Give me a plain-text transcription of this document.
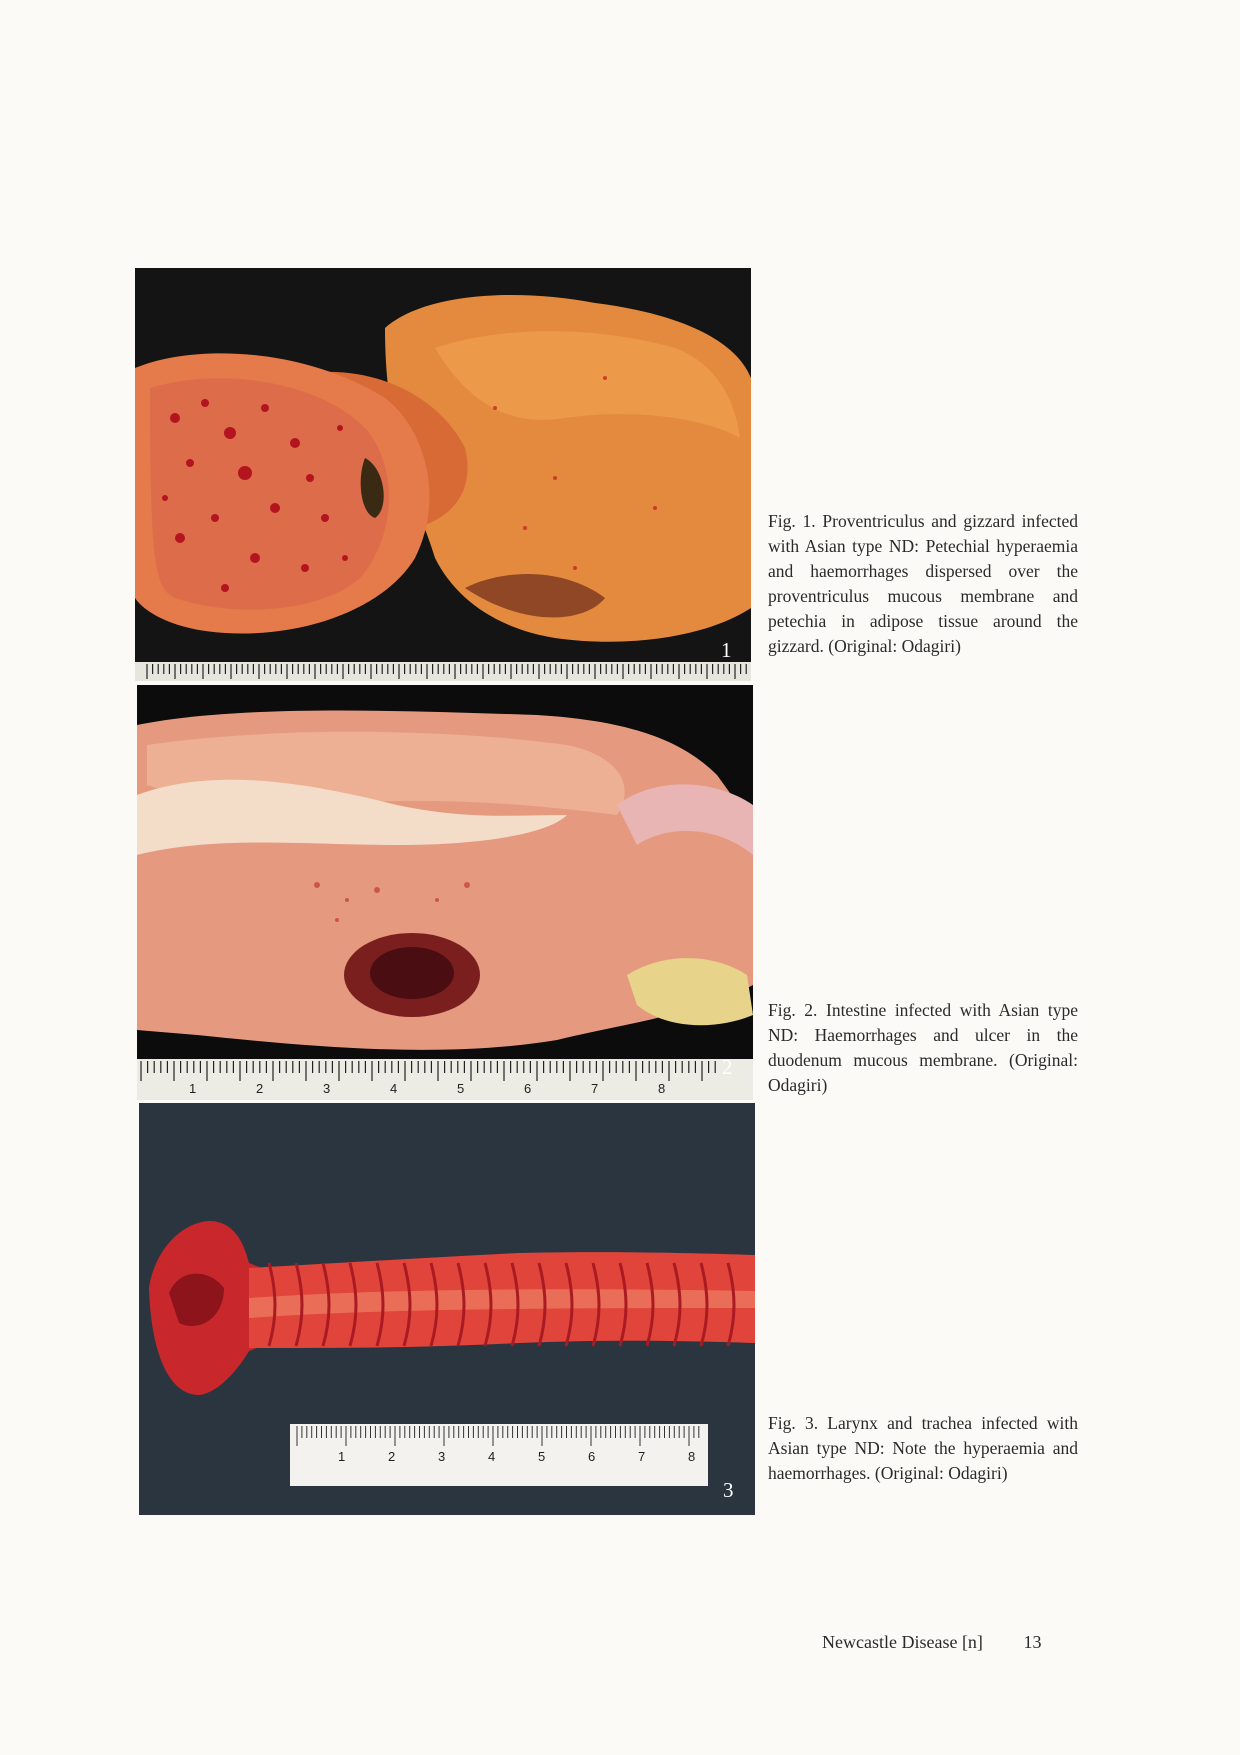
1

Fig. 1. Proventriculus and gizzard infected with Asian type ND: Petechial hyperaemia and haemorrhages dispersed over the proventriculus mucous membrane and petechia in adipose tissue around the gizzard. (Original: Odagiri)

1	2	3	4	5	6	7	8
2

Fig. 2. Intestine infected with Asian type ND: Haemorrhages and ulcer in the duodenum mucous membrane. (Original: Odagiri)

1	2	3	4	5	6	7	8
3

Fig. 3. Larynx and trachea infected with Asian type ND: Note the hyperaemia and haemorrhages. (Original: Odagiri)

Newcastle Disease [n] 13
